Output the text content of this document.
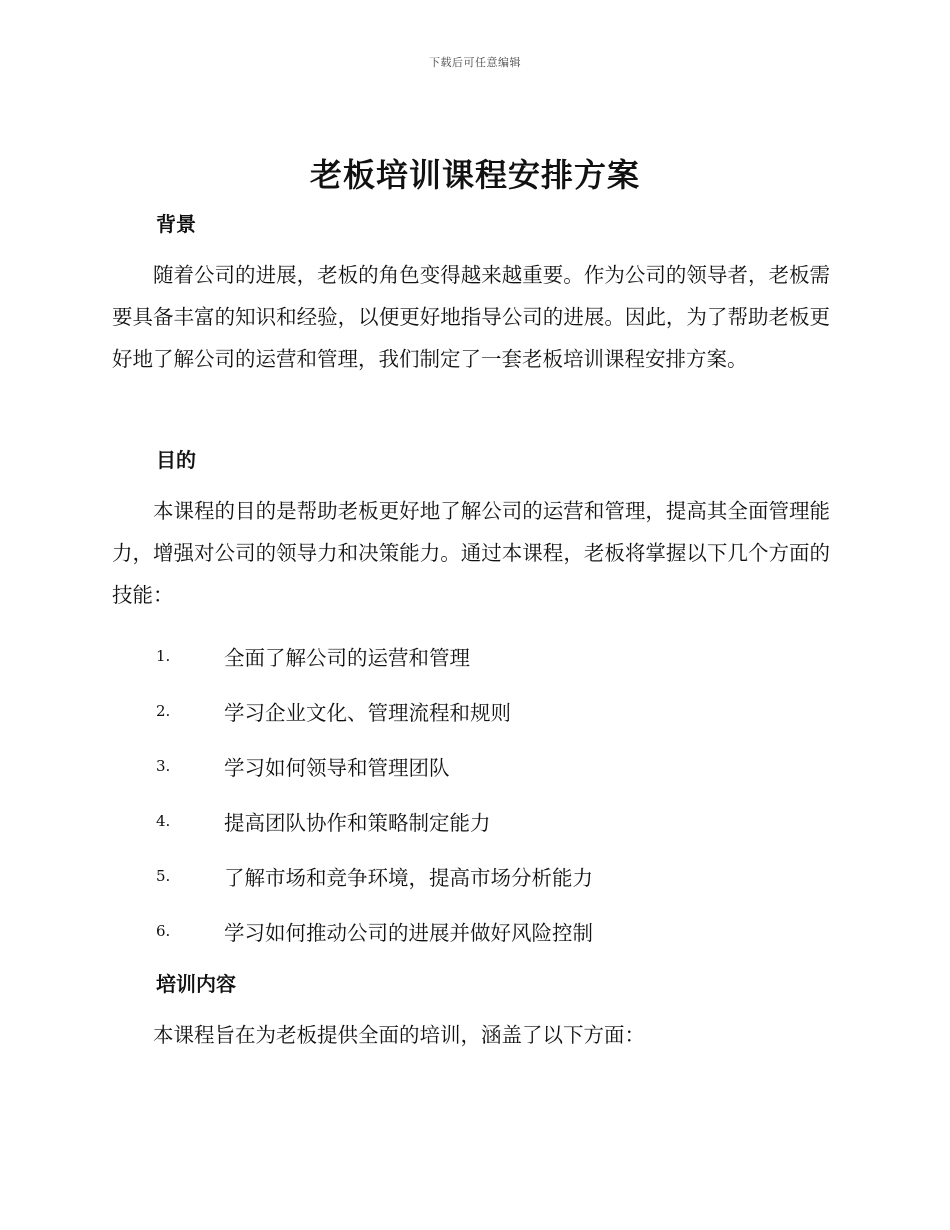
下载后可任意编辑
老板培训课程安排方案
背景

随着公司的进展，老板的角色变得越来越重要。作为公司的领导者，老板需要具备丰富的知识和经验，以便更好地指导公司的进展。因此，为了帮助老板更好地了解公司的运营和管理，我们制定了一套老板培训课程安排方案。

目的

本课程的目的是帮助老板更好地了解公司的运营和管理，提高其全面管理能力，增强对公司的领导力和决策能力。通过本课程，老板将掌握以下几个方面的技能：

1.	全面了解公司的运营和管理
2.	学习企业文化、管理流程和规则
3.	学习如何领导和管理团队
4.	提高团队协作和策略制定能力
5.	了解市场和竞争环境，提高市场分析能力
6.	学习如何推动公司的进展并做好风险控制
培训内容

本课程旨在为老板提供全面的培训，涵盖了以下方面：
